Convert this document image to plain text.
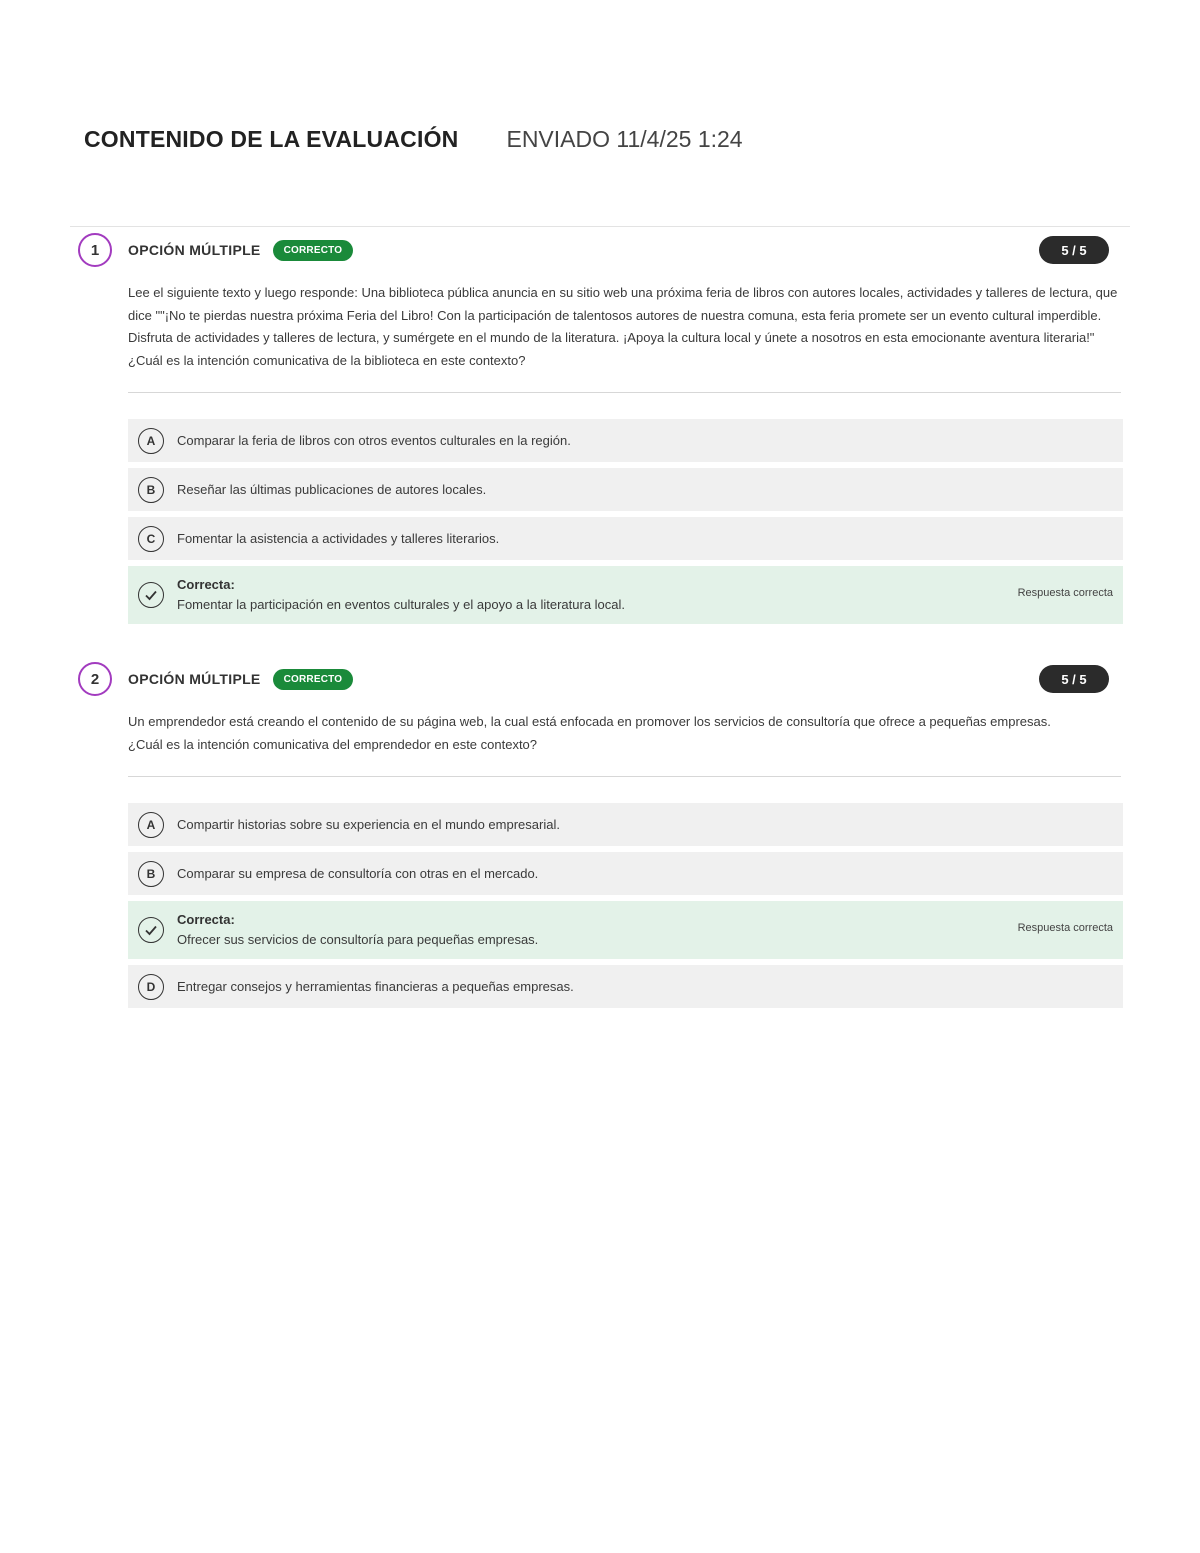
CONTENIDO DE LA EVALUACIÓN ENVIADO 11/4/25 1:24
1	OPCIÓN MÚLTIPLE	CORRECTO	5 / 5

Lee el siguiente texto y luego responde: Una biblioteca pública anuncia en su sitio web una próxima feria de libros con autores locales, actividades y talleres de lectura, que dice ""¡No te pierdas nuestra próxima Feria del Libro! Con la participación de talentosos autores de nuestra comuna, esta feria promete ser un evento cultural imperdible. Disfruta de actividades y talleres de lectura, y sumérgete en el mundo de la literatura. ¡Apoya la cultura local y únete a nosotros en esta emocionante aventura literaria!"

¿Cuál es la intención comunicativa de la biblioteca en este contexto?

A	Comparar la feria de libros con otros eventos culturales en la región.
B	Reseñar las últimas publicaciones de autores locales.
C	Fomentar la asistencia a actividades y talleres literarios.
Correcta:
Fomentar la participación en eventos culturales y el apoyo a la literatura local.
Respuesta correcta
2	OPCIÓN MÚLTIPLE	CORRECTO	5 / 5

Un emprendedor está creando el contenido de su página web, la cual está enfocada en promover los servicios de consultoría que ofrece a pequeñas empresas.

¿Cuál es la intención comunicativa del emprendedor en este contexto?

A	Compartir historias sobre su experiencia en el mundo empresarial.
B	Comparar su empresa de consultoría con otras en el mercado.
Correcta:
Ofrecer sus servicios de consultoría para pequeñas empresas.
Respuesta correcta
D	Entregar consejos y herramientas financieras a pequeñas empresas.
